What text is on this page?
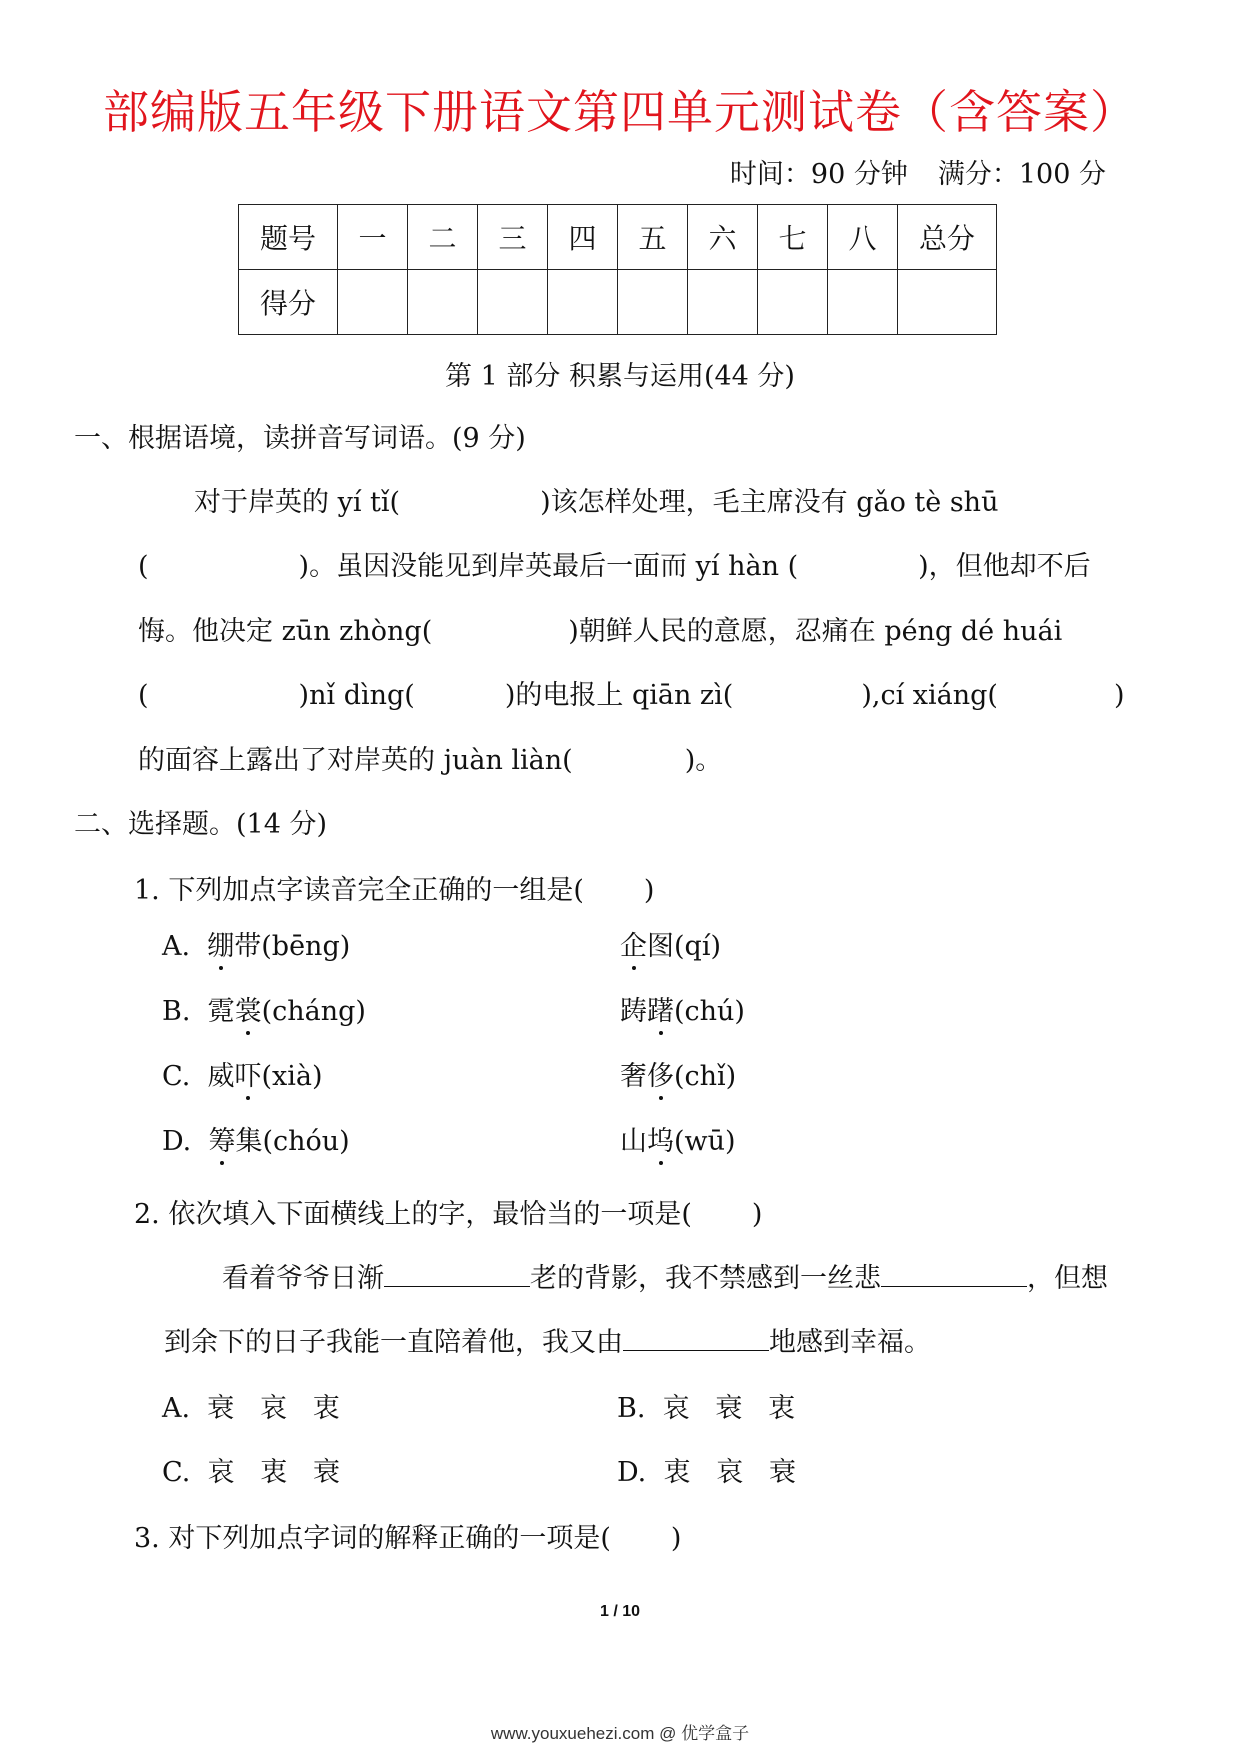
部编版五年级下册语文第四单元测试卷（含答案）
时间：90 分钟 满分：100 分
题号	一	二	三	四	五	六	七	八	总分
得分									
第 1 部分 积累与运用(44 分)
一、根据语境，读拼音写词语。(9 分)
对于岸英的 yí tǐ(	)该怎样处理，毛主席没有 gǎo tè shū
(	)。虽因没能见到岸英最后一面而 yí hàn (	)，但他却不后
悔。他决定 zūn zhòng(	)朝鲜人民的意愿，忍痛在 péng dé huái
(	)nǐ dìng(	)的电报上 qiān zì(	),cí xiáng(	)
的面容上露出了对岸英的 juàn liàn(	)。
二、选择题。(14 分)
1. 下列加点字读音完全正确的一组是( )
A. 绷带(bēng)	企图(qí)
B. 霓裳(cháng)	踌躇(chú)
C. 威吓(xià)	奢侈(chǐ)
D. 筹集(chóu)	山坞(wū)
2. 依次填入下面横线上的字，最恰当的一项是( )
看着爷爷日渐	老的背影，我不禁感到一丝悲	，但想
到余下的日子我能一直陪着他，我又由	地感到幸福。
A. 衰 哀 衷	B. 哀 衰 衷
C. 哀 衷 衰	D. 衷 哀 衰
3. 对下列加点字词的解释正确的一项是( )
1 / 10
www.youxuehezi.com @ 优学盒子
